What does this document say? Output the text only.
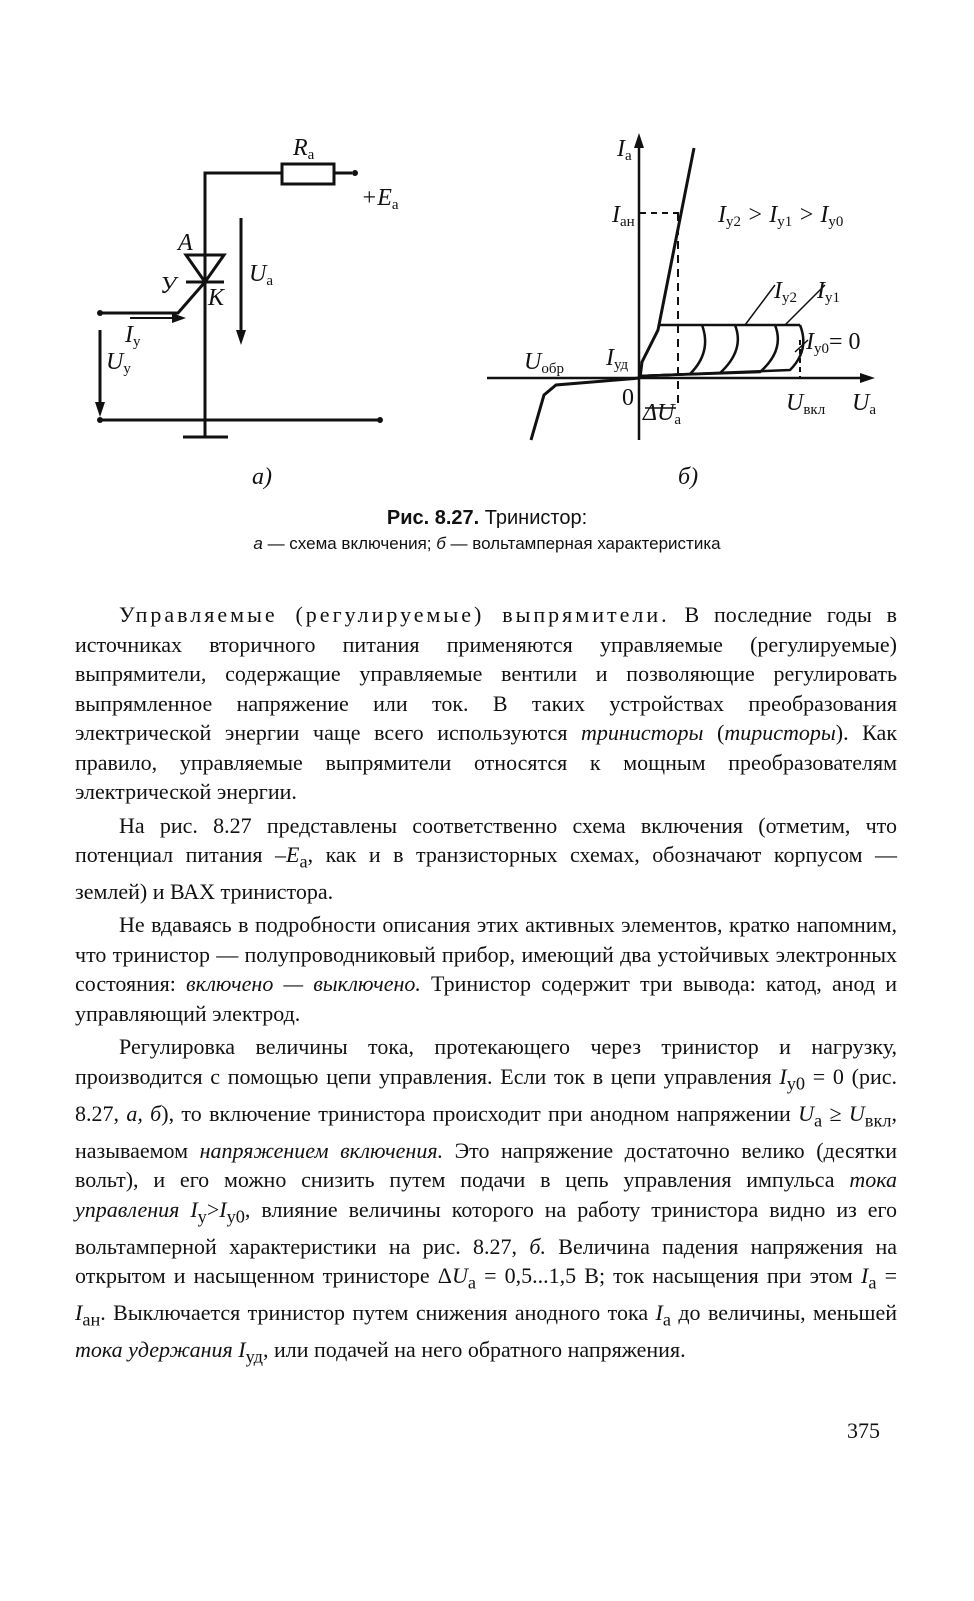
$R_a$
$+E_a$
A
K
У	$U_a$
$I_y$
$U_y$
а)
$I_a$
$I_{ан}$	$I_{y2} > I_{y1} > I_{y0}$
$I_{y2}$ $I_{y1}$
$I_{y0}= 0$
$U_{обр}$ $I_{уд}$
0
$\Delta U_a$
$U_{вкл}$ $U_a$
б)
Рис. 8.27. Тринистор:
а — схема включения; б — вольтамперная характеристика

Управляемые (регулируемые) выпрямители. В последние годы в источниках вторичного питания применяются управляемые (регулируемые) выпрямители, содержащие управляемые вентили и позволяющие регулировать выпрямленное напряжение или ток. В таких устройствах преобразования электрической энергии чаще всего используются тринисторы (тиристоры). Как правило, управляемые выпрямители относятся к мощным преобразователям электрической энергии.

На рис. 8.27 представлены соответственно схема включения (отметим, что потенциал питания $-E_а$, как и в транзисторных схемах, обозначают корпусом — землей) и ВАХ тринистора.

Не вдаваясь в подробности описания этих активных элементов, кратко напомним, что тринистор — полупроводниковый прибор, имеющий два устойчивых электронных состояния: включено — выключено. Тринистор содержит три вывода: катод, анод и управляющий электрод.

Регулировка величины тока, протекающего через тринистор и нагрузку, производится с помощью цепи управления. Если ток в цепи управления $I_{y0} = 0$ (рис. 8.27, а, б), то включение тринистора происходит при анодном напряжении $U_а \ge U_{вкл}$, называемом напряжением включения. Это напряжение достаточно велико (десятки вольт), и его можно снизить путем подачи в цепь управления импульса тока управления $I_y>I_{y0}$, влияние величины которого на работу тринистора видно из его вольтамперной характеристики на рис. 8.27, б. Величина падения напряжения на открытом и насыщенном тринисторе $\Delta U_а = 0,5...1,5$ В; ток насыщения при этом $I_а = I_{ан}$. Выключается тринистор путем снижения анодного тока $I_а$ до величины, меньшей тока удержания $I_{уд}$, или подачей на него обратного напряжения.

375
